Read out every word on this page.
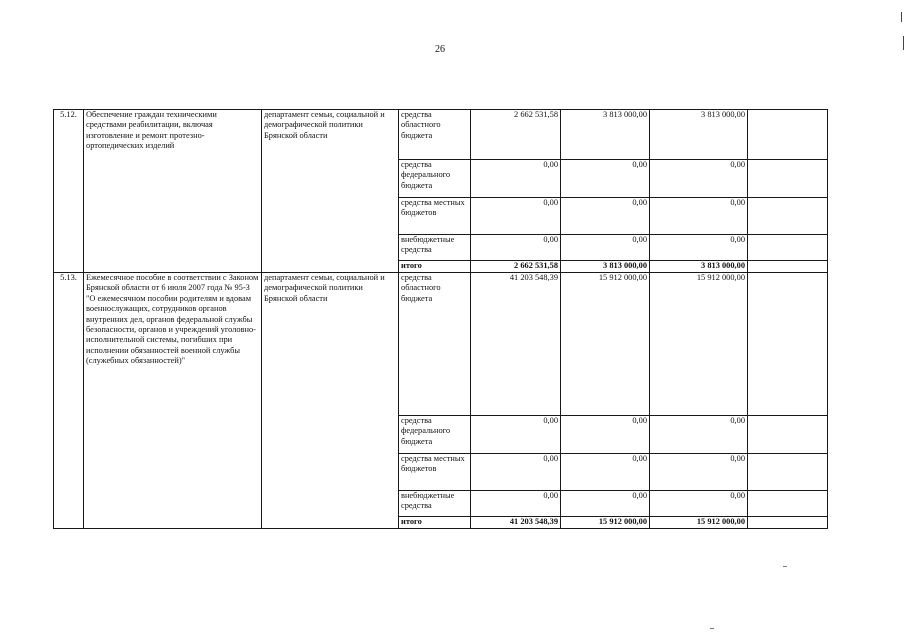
26
5.12.	Обеспечение граждан техническими средствами реабилитации, включая изготовление и ремонт протезно-ортопедических изделий	департамент семьи, социальной и демографической политики Брянской области	средства областного бюджета	2 662 531,58	3 813 000,00	3 813 000,00	
			средства федерального бюджета	0,00	0,00	0,00	
			средства местных бюджетов	0,00	0,00	0,00	
			внебюджетные средства	0,00	0,00	0,00	
			итого	2 662 531,58	3 813 000,00	3 813 000,00	
5.13.	Ежемесячное пособие в соответствии с Законом Брянской области от 6 июля 2007 года № 95-З "О ежемесячном пособии родителям и вдовам военнослужащих, сотрудников органов внутренних дел, органов федеральной службы безопасности, органов и учреждений уголовно-исполнительной системы, погибших при исполнении обязанностей военной службы (служебных обязанностей)"	департамент семьи, социальной и демографической политики Брянской области	средства областного бюджета	41 203 548,39	15 912 000,00	15 912 000,00	
			средства федерального бюджета	0,00	0,00	0,00	
			средства местных бюджетов	0,00	0,00	0,00	
			внебюджетные средства	0,00	0,00	0,00	
			итого	41 203 548,39	15 912 000,00	15 912 000,00	
